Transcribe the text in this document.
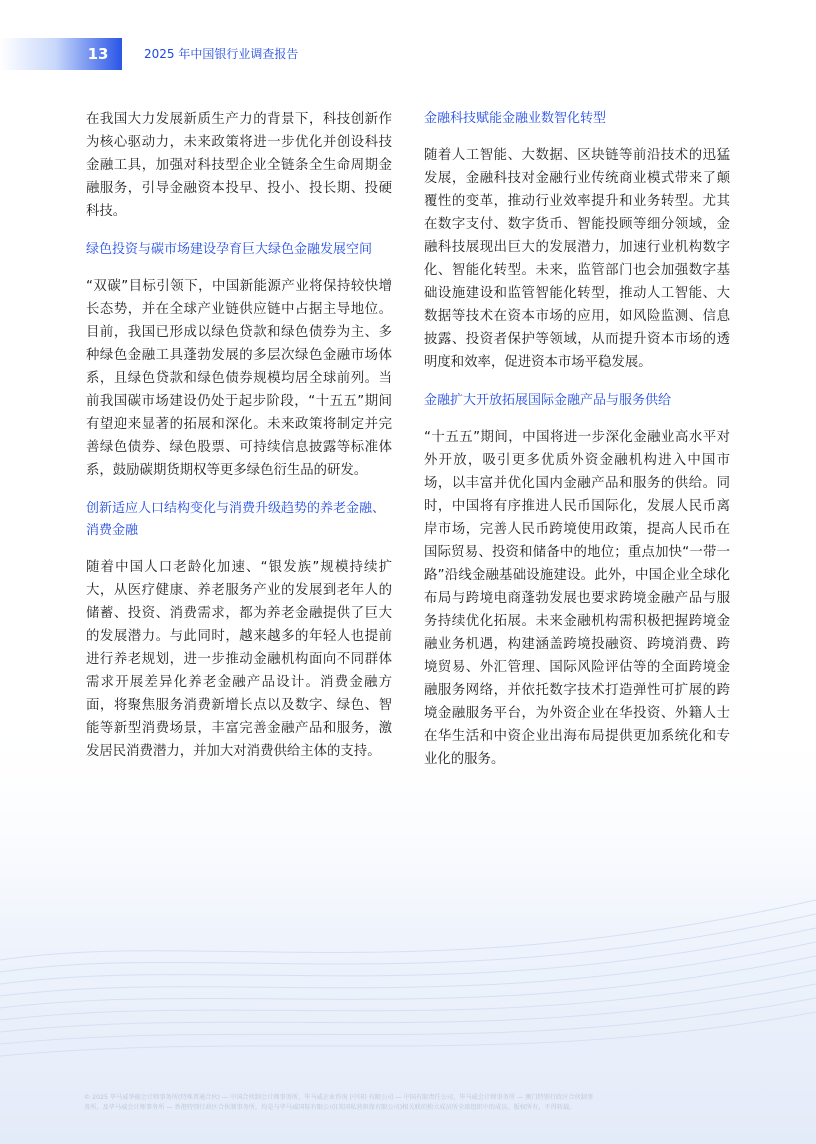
13	2025 年中国银行业调查报告

在我国大力发展新质生产力的背景下，科技创新作为核心驱动力，未来政策将进一步优化并创设科技金融工具，加强对科技型企业全链条全生命周期金融服务，引导金融资本投早、投小、投长期、投硬科技。

绿色投资与碳市场建设孕育巨大绿色金融发展空间

“双碳”目标引领下，中国新能源产业将保持较快增长态势，并在全球产业链供应链中占据主导地位。目前，我国已形成以绿色贷款和绿色债券为主、多种绿色金融工具蓬勃发展的多层次绿色金融市场体系，且绿色贷款和绿色债券规模均居全球前列。当前我国碳市场建设仍处于起步阶段，“十五五”期间有望迎来显著的拓展和深化。未来政策将制定并完善绿色债券、绿色股票、可持续信息披露等标准体系，鼓励碳期货期权等更多绿色衍生品的研发。

创新适应人口结构变化与消费升级趋势的养老金融、消费金融

随着中国人口老龄化加速、“银发族”规模持续扩大，从医疗健康、养老服务产业的发展到老年人的储蓄、投资、消费需求，都为养老金融提供了巨大的发展潜力。与此同时，越来越多的年轻人也提前进行养老规划，进一步推动金融机构面向不同群体需求开展差异化养老金融产品设计。消费金融方面，将聚焦服务消费新增长点以及数字、绿色、智能等新型消费场景，丰富完善金融产品和服务，激发居民消费潜力，并加大对消费供给主体的支持。

金融科技赋能金融业数智化转型

随着人工智能、大数据、区块链等前沿技术的迅猛发展，金融科技对金融行业传统商业模式带来了颠覆性的变革，推动行业效率提升和业务转型。尤其在数字支付、数字货币、智能投顾等细分领域，金融科技展现出巨大的发展潜力，加速行业机构数字化、智能化转型。未来，监管部门也会加强数字基础设施建设和监管智能化转型，推动人工智能、大数据等技术在资本市场的应用，如风险监测、信息披露、投资者保护等领域，从而提升资本市场的透明度和效率，促进资本市场平稳发展。

金融扩大开放拓展国际金融产品与服务供给

“十五五”期间，中国将进一步深化金融业高水平对外开放，吸引更多优质外资金融机构进入中国市场，以丰富并优化国内金融产品和服务的供给。同时，中国将有序推进人民币国际化，发展人民币离岸市场，完善人民币跨境使用政策，提高人民币在国际贸易、投资和储备中的地位；重点加快“一带一路”沿线金融基础设施建设。此外，中国企业全球化布局与跨境电商蓬勃发展也要求跨境金融产品与服务持续优化拓展。未来金融机构需积极把握跨境金融业务机遇，构建涵盖跨境投融资、跨境消费、跨境贸易、外汇管理、国际风险评估等的全面跨境金融服务网络，并依托数字技术打造弹性可扩展的跨境金融服务平台，为外资企业在华投资、外籍人士在华生活和中资企业出海布局提供更加系统化和专业化的服务。

© 2025 毕马威华振会计师事务所(特殊普通合伙) — 中国合伙制会计师事务所，毕马威企业咨询 (中国) 有限公司 — 中国有限责任公司，毕马威会计师事务所 — 澳门特别行政区合伙制事
务所，及毕马威会计师事务所 — 香港特别行政区合伙制事务所，均是与毕马威国际有限公司(英国私营担保有限公司)相关联的独立成员所全球组织中的成员。版权所有，不得转载。
